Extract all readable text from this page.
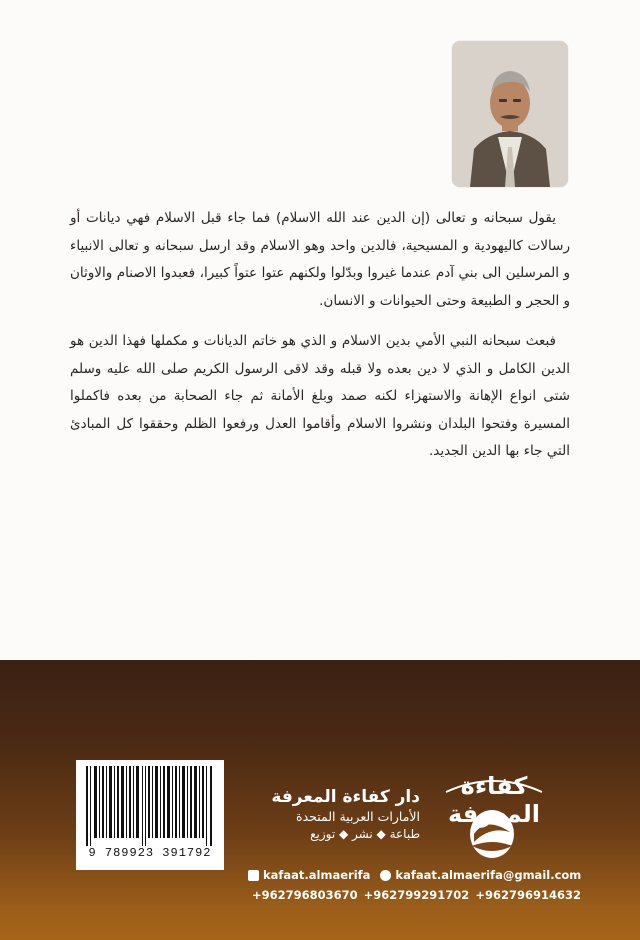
يقول سبحانه و تعالى (إن الدين عند الله الاسلام) فما جاء قبل الاسلام فهي ديانات أو رسالات كاليهودية و المسيحية، فالدين واحد وهو الاسلام وقد ارسل سبحانه و تعالى الانبياء و المرسلين الى بني آدم عندما غيروا وبدّلوا ولكنهم عتوا عتواً كبيرا، فعبدوا الاصنام والاوثان و الحجر و الطبيعة وحتى الحيوانات و الانسان.

فبعث سبحانه النبي الأمي بدين الاسلام و الذي هو خاتم الديانات و مكملها فهذا الدين هو الدين الكامل و الذي لا دين بعده ولا قبله وقد لاقى الرسول الكريم صلى الله عليه وسلم شتى انواع الإهانة والاستهزاء لكنه صمد وبلغ الأمانة ثم جاء الصحابة من بعده فاكملوا المسيرة وفتحوا البلدان ونشروا الاسلام وأقاموا العدل ورفعوا الظلم وحققوا كل المبادئ التي جاء بها الدين الجديد.

9 789923 391792
دار كفاءة المعرفة
الأمارات العربية المتحدة
طباعة ◆ نشر ◆ توزيع
كفاءة المعرفة
kafaat.almaerifa kafaat.almaerifa@gmail.com
+962796803670 +962799291702 +962796914632
